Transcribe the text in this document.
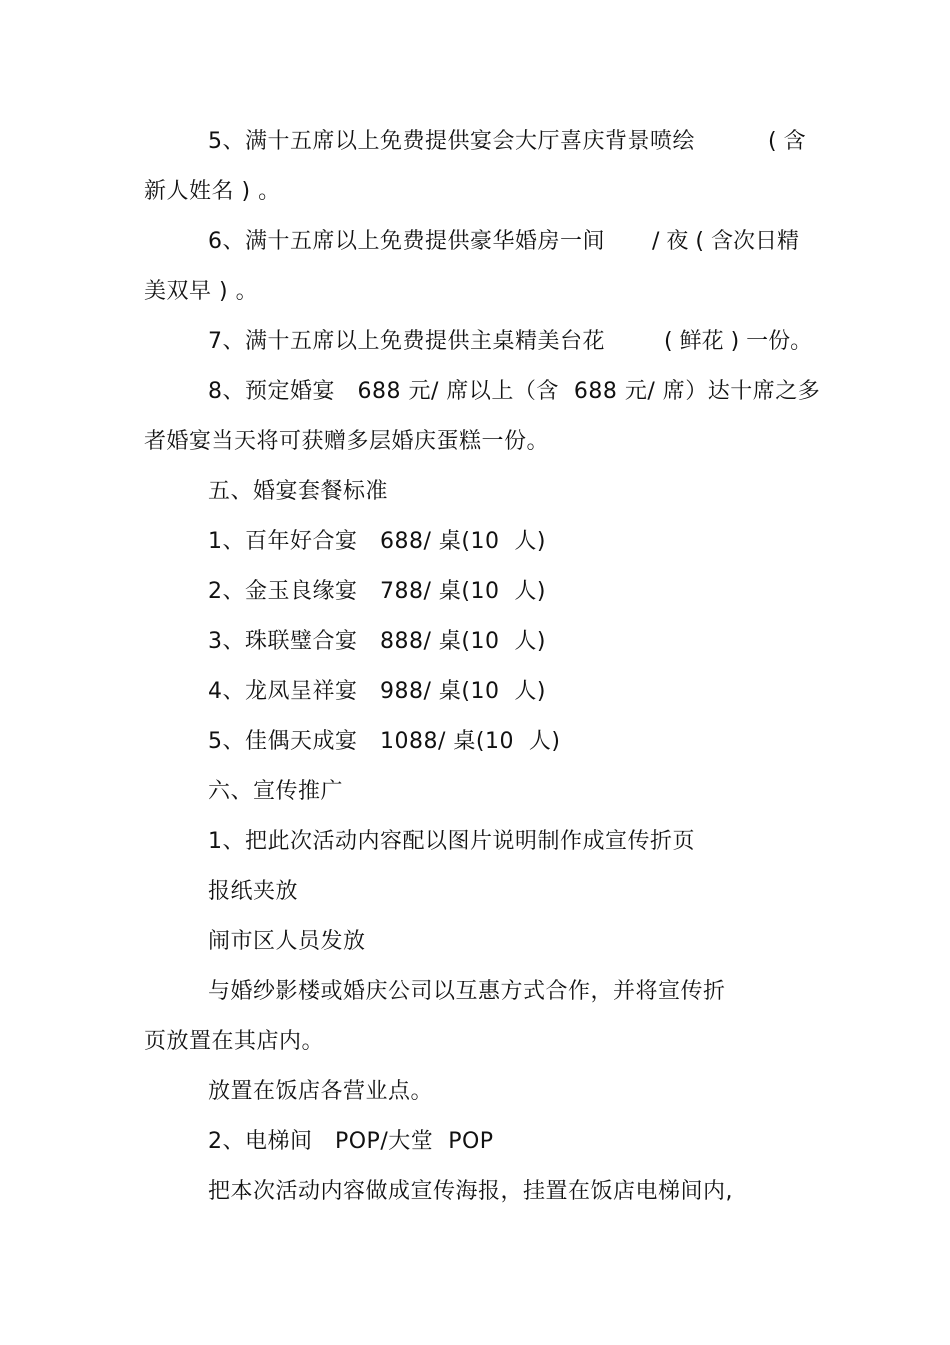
5、满十五席以上免费提供宴会大厅喜庆背景喷绘	( 含
新人姓名 ) 。
6、满十五席以上免费提供豪华婚房一间 / 夜 ( 含次日精
美双早 ) 。
7、满十五席以上免费提供主桌精美台花	( 鲜花 ) 一份。
8、预定婚宴   688 元/ 席以上（含  688 元/ 席）达十席之多
者婚宴当天将可获赠多层婚庆蛋糕一份。
五、婚宴套餐标准
1、百年好合宴   688/ 桌(10  人)
2、金玉良缘宴   788/ 桌(10  人)
3、珠联璧合宴   888/ 桌(10  人)
4、龙凤呈祥宴   988/ 桌(10  人)
5、佳偶天成宴   1088/ 桌(10  人)
六、宣传推广
1、把此次活动内容配以图片说明制作成宣传折页
报纸夹放
闹市区人员发放
与婚纱影楼或婚庆公司以互惠方式合作，并将宣传折
页放置在其店内。
放置在饭店各营业点。
2、电梯间   POP/大堂  POP
把本次活动内容做成宣传海报，挂置在饭店电梯间内,
